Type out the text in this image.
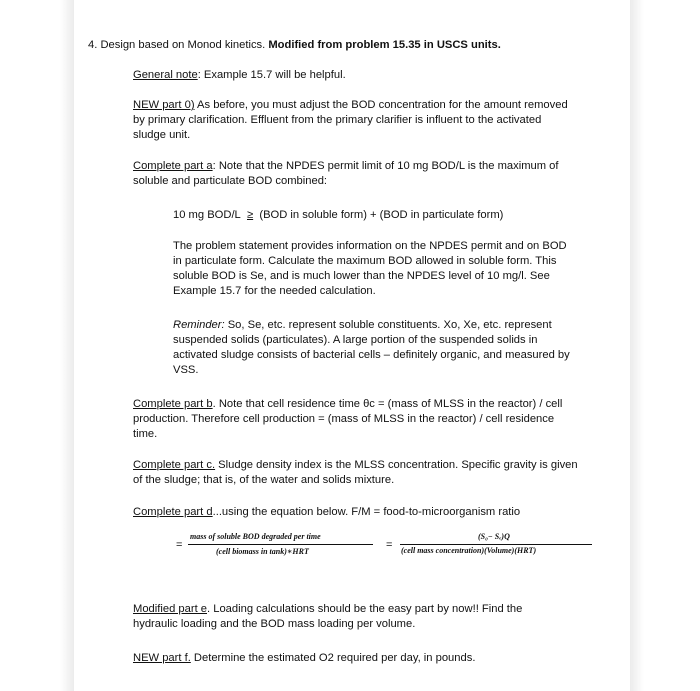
4. Design based on Monod kinetics. Modified from problem 15.35 in USCS units.
General note: Example 15.7 will be helpful.
NEW part 0) As before, you must adjust the BOD concentration for the amount removed
by primary clarification. Effluent from the primary clarifier is influent to the activated
sludge unit.
Complete part a: Note that the NPDES permit limit of 10 mg BOD/L is the maximum of
soluble and particulate BOD combined:
10 mg BOD/L ≥ (BOD in soluble form) + (BOD in particulate form)
The problem statement provides information on the NPDES permit and on BOD
in particulate form. Calculate the maximum BOD allowed in soluble form. This
soluble BOD is Se, and is much lower than the NPDES level of 10 mg/l. See
Example 15.7 for the needed calculation.
Reminder: So, Se, etc. represent soluble constituents. Xo, Xe, etc. represent
suspended solids (particulates). A large portion of the suspended solids in
activated sludge consists of bacterial cells – definitely organic, and measured by
VSS.
Complete part b. Note that cell residence time θc = (mass of MLSS in the reactor) / cell
production. Therefore cell production = (mass of MLSS in the reactor) / cell residence
time.
Complete part c. Sludge density index is the MLSS concentration. Specific gravity is given
of the sludge; that is, of the water and solids mixture.
Complete part d...using the equation below. F/M = food-to-microorganism ratio
=
mass of soluble BOD degraded per time
(cell biomass in tank)∗HRT
=
(S₀− Sₑ)Q
(cell mass concentration)(Volume)(HRT)
Modified part e. Loading calculations should be the easy part by now!! Find the
hydraulic loading and the BOD mass loading per volume.
NEW part f. Determine the estimated O2 required per day, in pounds.
